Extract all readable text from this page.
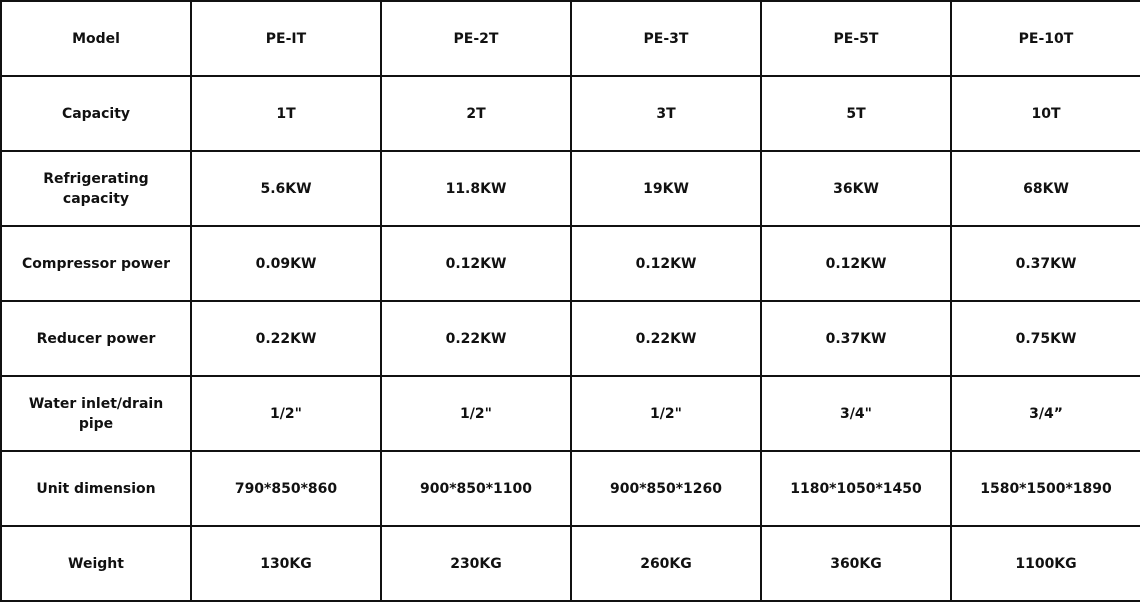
Model	PE-IT	PE-2T	PE-3T	PE-5T	PE-10T
Capacity	1T	2T	3T	5T	10T
Refrigerating capacity	5.6KW	11.8KW	19KW	36KW	68KW
Compressor power	0.09KW	0.12KW	0.12KW	0.12KW	0.37KW
Reducer power	0.22KW	0.22KW	0.22KW	0.37KW	0.75KW
Water inlet/drain pipe	1/2"	1/2"	1/2"	3/4"	3/4”
Unit dimension	790*850*860	900*850*1100	900*850*1260	1180*1050*1450	1580*1500*1890
Weight	130KG	230KG	260KG	360KG	1100KG
